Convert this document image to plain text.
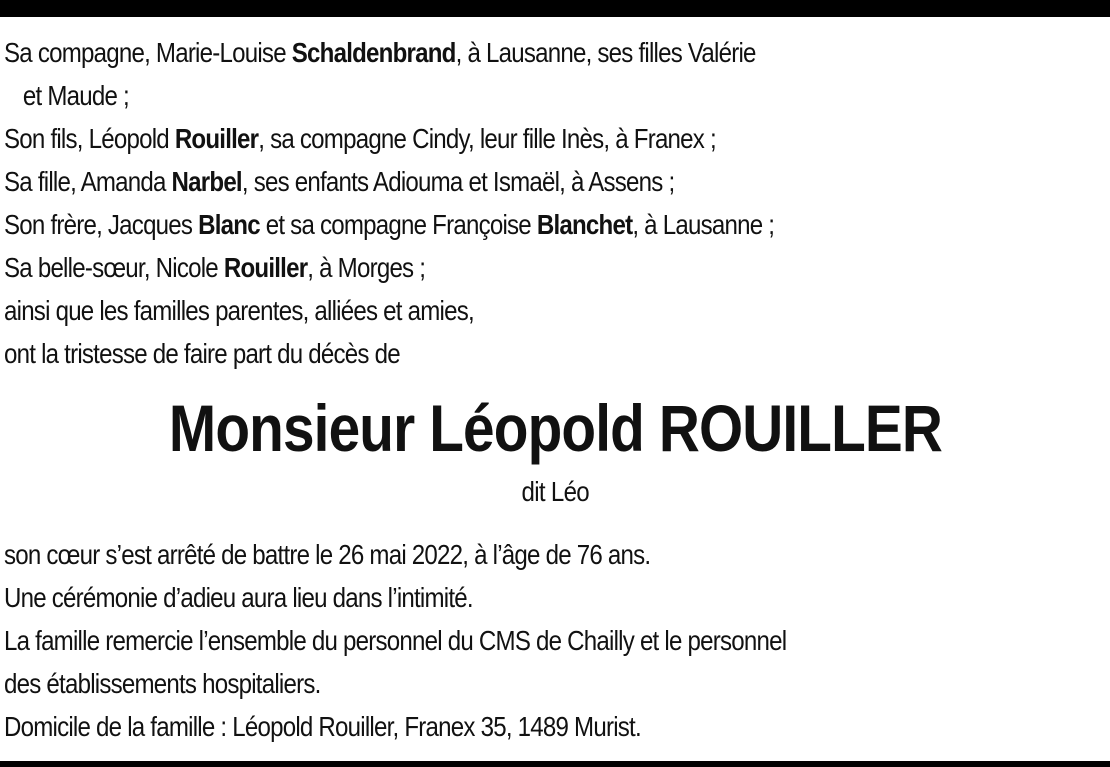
Sa compagne, Marie-Louise Schaldenbrand, à Lausanne, ses filles Valérie
et Maude ;
Son fils, Léopold Rouiller, sa compagne Cindy, leur fille Inès, à Franex ;
Sa fille, Amanda Narbel, ses enfants Adiouma et Ismaël, à Assens ;
Son frère, Jacques Blanc et sa compagne Françoise Blanchet, à Lausanne ;
Sa belle-sœur, Nicole Rouiller, à Morges ;
ainsi que les familles parentes, alliées et amies,
ont la tristesse de faire part du décès de
Monsieur Léopold ROUILLER
dit Léo
son cœur s’est arrêté de battre le 26 mai 2022, à l’âge de 76 ans.
Une cérémonie d’adieu aura lieu dans l’intimité.
La famille remercie l’ensemble du personnel du CMS de Chailly et le personnel
des établissements hospitaliers.
Domicile de la famille : Léopold Rouiller, Franex 35, 1489 Murist.
